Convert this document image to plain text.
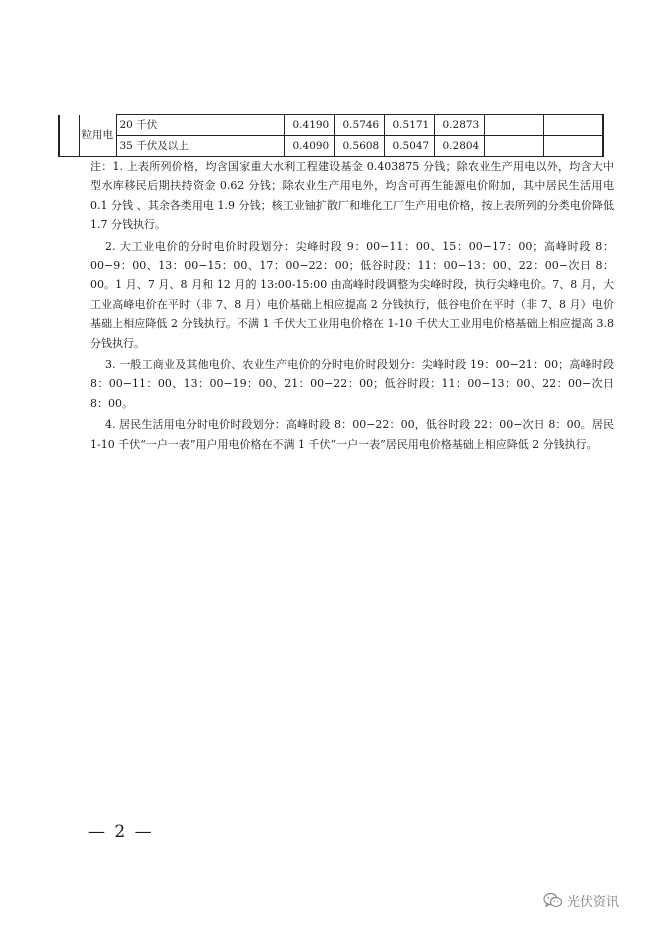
	粒用电	20 千伏	0.4190	0.5746	0.5171	0.2873		
		35 千伏及以上	0.4090	0.5608	0.5047	0.2804		

注：1. 上表所列价格，均含国家重大水利工程建设基金 0.403875 分钱；除农业生产用电以外，均含大中型水库移民后期扶持资金 0.62 分钱；除农业生产用电外，均含可再生能源电价附加，其中居民生活用电 0.1 分钱 、其余各类用电 1.9 分钱；核工业铀扩散厂和堆化工厂生产用电价格，按上表所列的分类电价降低 1.7 分钱执行。

2. 大工业电价的分时电价时段划分：尖峰时段 9：00−11：00、15：00−17：00；高峰时段 8：00−9：00、13：00−15：00、17：00−22：00；低谷时段：11：00−13：00、22：00−次日 8：00。1 月、7 月、8 月和 12 月的 13:00-15:00 由高峰时段调整为尖峰时段，执行尖峰电价。7、8 月，大工业高峰电价在平时（非 7、8 月）电价基础上相应提高 2 分钱执行，低谷电价在平时（非 7、8 月）电价基础上相应降低 2 分钱执行。不满 1 千伏大工业用电价格在 1-10 千伏大工业用电价格基础上相应提高 3.8 分钱执行。

3. 一般工商业及其他电价、农业生产电价的分时电价时段划分：尖峰时段 19：00−21：00；高峰时段 8：00−11：00、13：00−19：00、21：00−22：00；低谷时段：11：00−13：00、22：00−次日 8：00。

4. 居民生活用电分时电价时段划分：高峰时段 8：00−22：00，低谷时段 22：00−次日 8：00。居民 1-10 千伏“一户一表”用户用电价格在不满 1 千伏“一户一表”居民用电价格基础上相应降低 2 分钱执行。

— 2 —
光伏资讯
